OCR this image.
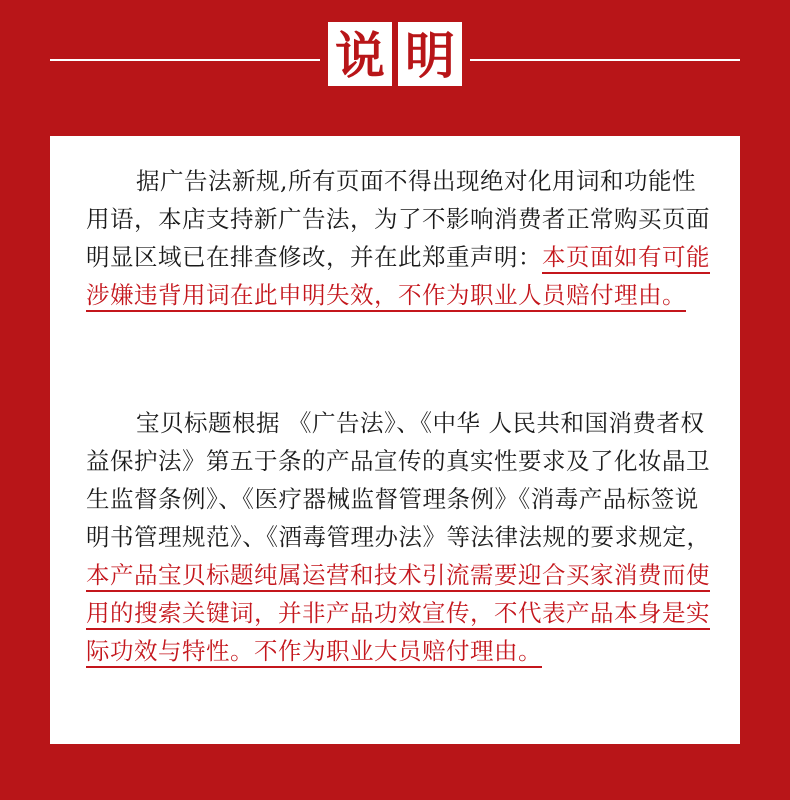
说 明
据广告法新规,所有页面不得出现绝对化用词和功能性用语，本店支持新广告法，为了不影响消费者正常购买页面明显区域已在排查修改，并在此郑重声明：本页面如有可能涉嫌违背用词在此申明失效，不作为职业人员赔付理由。
宝贝标题根据 《广告法》、《中华 人民共和国消费者权益保护法》第五于条的产品宣传的真实性要求及了化妆晶卫生监督条例》、《医疗器械监督管理条例》《消毒产品标签说明书管理规范》、《酒毒管理办法》等法律法规的要求规定，本产品宝贝标题纯属运营和技术引流需要迎合买家消费而使用的搜索关键词，并非产品功效宣传，不代表产品本身是实际功效与特性。不作为职业大员赔付理由。
